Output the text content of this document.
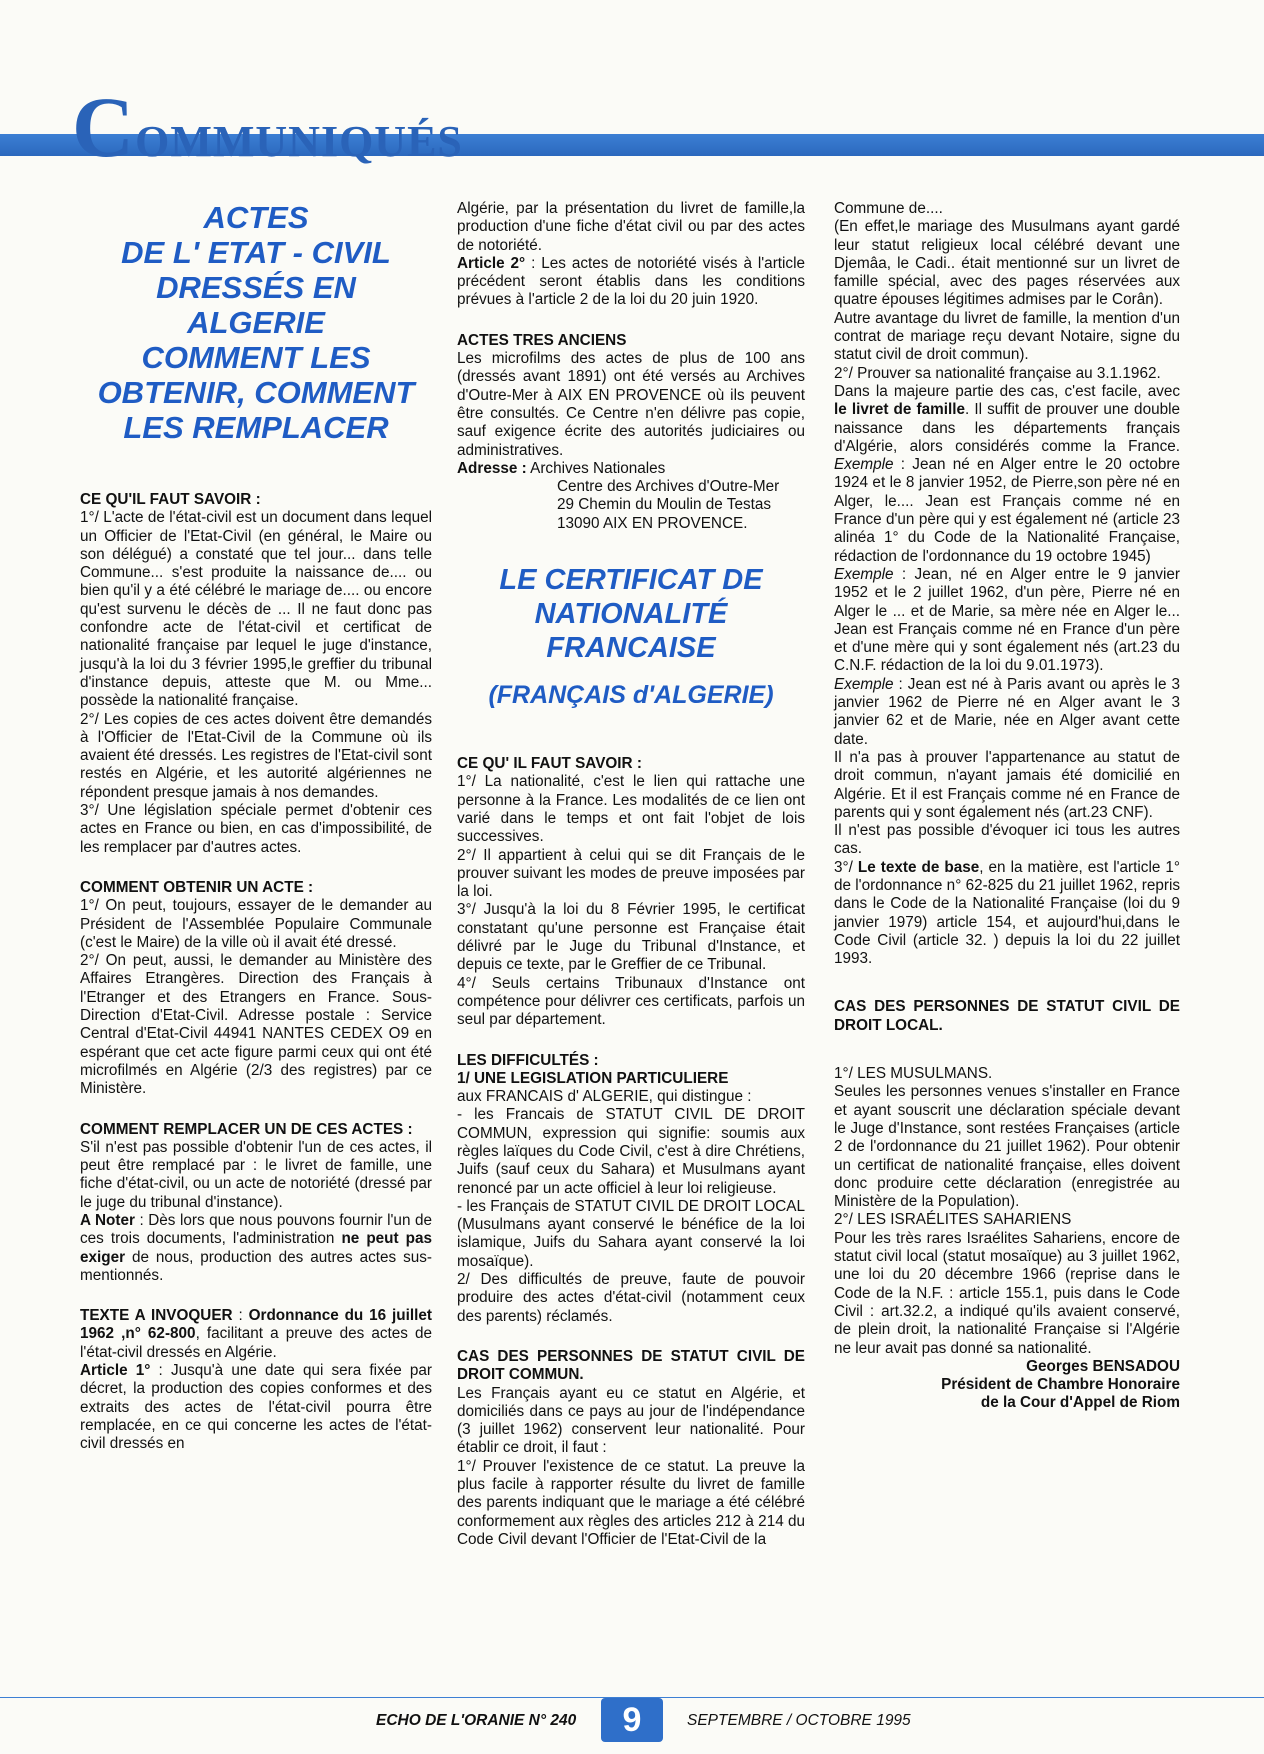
COMMUNIQUÉS
ACTES
DE L' ETAT - CIVIL
DRESSÉS EN
ALGERIE
COMMENT LES
OBTENIR, COMMENT
LES REMPLACER

CE QU'IL FAUT SAVOIR :

1°/ L'acte de l'état-civil est un document dans lequel un Officier de l'Etat-Civil (en général, le Maire ou son délégué) a constaté que tel jour... dans telle Commune... s'est produite la naissance de.... ou bien qu'il y a été célébré le mariage de.... ou encore qu'est survenu le décès de ... Il ne faut donc pas confondre acte de l'état-civil et certificat de nationalité française par lequel le juge d'instance, jusqu'à la loi du 3 février 1995,le greffier du tribunal d'instance depuis, atteste que M. ou Mme... possède la nationalité française.

2°/ Les copies de ces actes doivent être demandés à l'Officier de l'Etat-Civil de la Commune où ils avaient été dressés. Les registres de l'Etat-civil sont restés en Algérie, et les autorité algériennes ne répondent presque jamais à nos demandes.

3°/ Une législation spéciale permet d'obtenir ces actes en France ou bien, en cas d'impossibilité, de les remplacer par d'autres actes.

COMMENT OBTENIR UN ACTE :

1°/ On peut, toujours, essayer de le demander au Président de l'Assemblée Populaire Communale (c'est le Maire) de la ville où il avait été dressé.

2°/ On peut, aussi, le demander au Ministère des Affaires Etrangères. Direction des Français à l'Etranger et des Etrangers en France. Sous-Direction d'Etat-Civil. Adresse postale : Service Central d'Etat-Civil 44941 NANTES CEDEX O9 en espérant que cet acte figure parmi ceux qui ont été microfilmés en Algérie (2/3 des registres) par ce Ministère.

COMMENT REMPLACER UN DE CES ACTES :

S'il n'est pas possible d'obtenir l'un de ces actes, il peut être remplacé par : le livret de famille, une fiche d'état-civil, ou un acte de notoriété (dressé par le juge du tribunal d'instance).

A Noter : Dès lors que nous pouvons fournir l'un de ces trois documents, l'administration ne peut pas exiger de nous, production des autres actes sus-mentionnés.

TEXTE A INVOQUER : Ordonnance du 16 juillet 1962 ,n° 62-800, facilitant a preuve des actes de l'état-civil dressés en Algérie.

Article 1° : Jusqu'à une date qui sera fixée par décret, la production des copies conformes et des extraits des actes de l'état-civil pourra être remplacée, en ce qui concerne les actes de l'état-civil dressés en

Algérie, par la présentation du livret de famille,la production d'une fiche d'état civil ou par des actes de notoriété.

Article 2° : Les actes de notoriété visés à l'article précédent seront établis dans les conditions prévues à l'article 2 de la loi du 20 juin 1920.

ACTES TRES ANCIENS

Les microfilms des actes de plus de 100 ans (dressés avant 1891) ont été versés au Archives d'Outre-Mer à AIX EN PROVENCE où ils peuvent être consultés. Ce Centre n'en délivre pas copie, sauf exigence écrite des autorités judiciaires ou administratives.

Adresse : Archives Nationales

Centre des Archives d'Outre-Mer

29 Chemin du Moulin de Testas

13090 AIX EN PROVENCE.

LE CERTIFICAT DE
NATIONALITÉ
FRANCAISE
(FRANÇAIS d'ALGERIE)

CE QU' IL FAUT SAVOIR :

1°/ La nationalité, c'est le lien qui rattache une personne à la France. Les modalités de ce lien ont varié dans le temps et ont fait l'objet de lois successives.

2°/ Il appartient à celui qui se dit Français de le prouver suivant les modes de preuve imposées par la loi.

3°/ Jusqu'à la loi du 8 Février 1995, le certificat constatant qu'une personne est Française était délivré par le Juge du Tribunal d'Instance, et depuis ce texte, par le Greffier de ce Tribunal.

4°/ Seuls certains Tribunaux d'Instance ont compétence pour délivrer ces certificats, parfois un seul par département.

LES DIFFICULTÉS :

1/ UNE LEGISLATION PARTICULIERE

aux FRANCAIS d' ALGERIE, qui distingue :

- les Francais de STATUT CIVIL DE DROIT COMMUN, expression qui signifie: soumis aux règles laïques du Code Civil, c'est à dire Chrétiens, Juifs (sauf ceux du Sahara) et Musulmans ayant renoncé par un acte officiel à leur loi religieuse.

- les Français de STATUT CIVIL DE DROIT LOCAL (Musulmans ayant conservé le bénéfice de la loi islamique, Juifs du Sahara ayant conservé la loi mosaïque).

2/ Des difficultés de preuve, faute de pouvoir produire des actes d'état-civil (notamment ceux des parents) réclamés.

CAS DES PERSONNES DE STATUT CIVIL DE DROIT COMMUN.

Les Français ayant eu ce statut en Algérie, et domiciliés dans ce pays au jour de l'indépendance (3 juillet 1962) conservent leur nationalité. Pour établir ce droit, il faut :

1°/ Prouver l'existence de ce statut. La preuve la plus facile à rapporter résulte du livret de famille des parents indiquant que le mariage a été célébré conformement aux règles des articles 212 à 214 du Code Civil devant l'Officier de l'Etat-Civil de la

Commune de....

(En effet,le mariage des Musulmans ayant gardé leur statut religieux local célébré devant une Djemâa, le Cadi.. était mentionné sur un livret de famille spécial, avec des pages réservées aux quatre épouses légitimes admises par le Corân).

Autre avantage du livret de famille, la mention d'un contrat de mariage reçu devant Notaire, signe du statut civil de droit commun).

2°/ Prouver sa nationalité française au 3.1.1962.

Dans la majeure partie des cas, c'est facile, avec le livret de famille. Il suffit de prouver une double naissance dans les départements français d'Algérie, alors considérés comme la France. Exemple : Jean né en Alger entre le 20 octobre 1924 et le 8 janvier 1952, de Pierre,son père né en Alger, le.... Jean est Français comme né en France d'un père qui y est également né (article 23 alinéa 1° du Code de la Nationalité Française, rédaction de l'ordonnance du 19 octobre 1945)

Exemple : Jean, né en Alger entre le 9 janvier 1952 et le 2 juillet 1962, d'un père, Pierre né en Alger le ... et de Marie, sa mère née en Alger le... Jean est Français comme né en France d'un père et d'une mère qui y sont également nés (art.23 du C.N.F. rédaction de la loi du 9.01.1973).

Exemple : Jean est né à Paris avant ou après le 3 janvier 1962 de Pierre né en Alger avant le 3 janvier 62 et de Marie, née en Alger avant cette date.

Il n'a pas à prouver l'appartenance au statut de droit commun, n'ayant jamais été domicilié en Algérie. Et il est Français comme né en France de parents qui y sont également nés (art.23 CNF).

Il n'est pas possible d'évoquer ici tous les autres cas.

3°/ Le texte de base, en la matière, est l'article 1° de l'ordonnance n° 62-825 du 21 juillet 1962, repris dans le Code de la Nationalité Française (loi du 9 janvier 1979) article 154, et aujourd'hui,dans le Code Civil (article 32. ) depuis la loi du 22 juillet 1993.

CAS DES PERSONNES DE STATUT CIVIL DE DROIT LOCAL.

1°/ LES MUSULMANS.

Seules les personnes venues s'installer en France et ayant souscrit une déclaration spéciale devant le Juge d'Instance, sont restées Françaises (article 2 de l'ordonnance du 21 juillet 1962). Pour obtenir un certificat de nationalité française, elles doivent donc produire cette déclaration (enregistrée au Ministère de la Population).

2°/ LES ISRAÉLITES SAHARIENS

Pour les très rares Israélites Sahariens, encore de statut civil local (statut mosaïque) au 3 juillet 1962, une loi du 20 décembre 1966 (reprise dans le Code de la N.F. : article 155.1, puis dans le Code Civil : art.32.2, a indiqué qu'ils avaient conservé, de plein droit, la nationalité Française si l'Algérie ne leur avait pas donné sa nationalité.

Georges BENSADOU

Président de Chambre Honoraire

de la Cour d'Appel de Riom

ECHO DE L'ORANIE N° 240	9	SEPTEMBRE / OCTOBRE 1995
